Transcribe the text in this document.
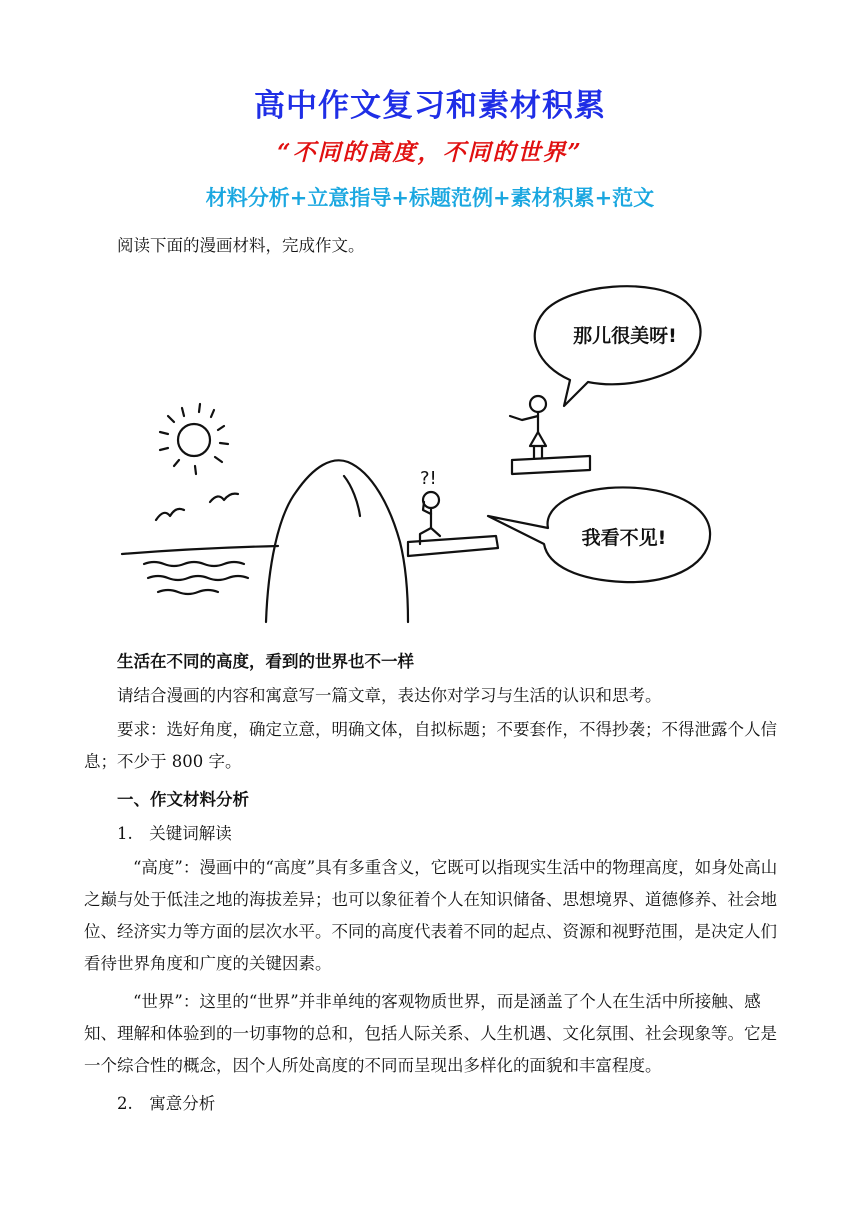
高中作文复习和素材积累
“不同的高度，不同的世界”
材料分析+立意指导+标题范例+素材积累+范文
阅读下面的漫画材料，完成作文。
?!
那儿很美呀!
我看不见!
生活在不同的高度，看到的世界也不一样
请结合漫画的内容和寓意写一篇文章，表达你对学习与生活的认识和思考。
要求：选好角度，确定立意，明确文体，自拟标题；不要套作，不得抄袭；不得泄露个人信息；不少于 800 字。
一、作文材料分析
1.　关键词解读
“高度”：漫画中的“高度”具有多重含义，它既可以指现实生活中的物理高度，如身处高山之巅与处于低洼之地的海拔差异；也可以象征着个人在知识储备、思想境界、道德修养、社会地位、经济实力等方面的层次水平。不同的高度代表着不同的起点、资源和视野范围，是决定人们看待世界角度和广度的关键因素。
“世界”：这里的“世界”并非单纯的客观物质世界，而是涵盖了个人在生活中所接触、感知、理解和体验到的一切事物的总和，包括人际关系、人生机遇、文化氛围、社会现象等。它是一个综合性的概念，因个人所处高度的不同而呈现出多样化的面貌和丰富程度。
2.　寓意分析
